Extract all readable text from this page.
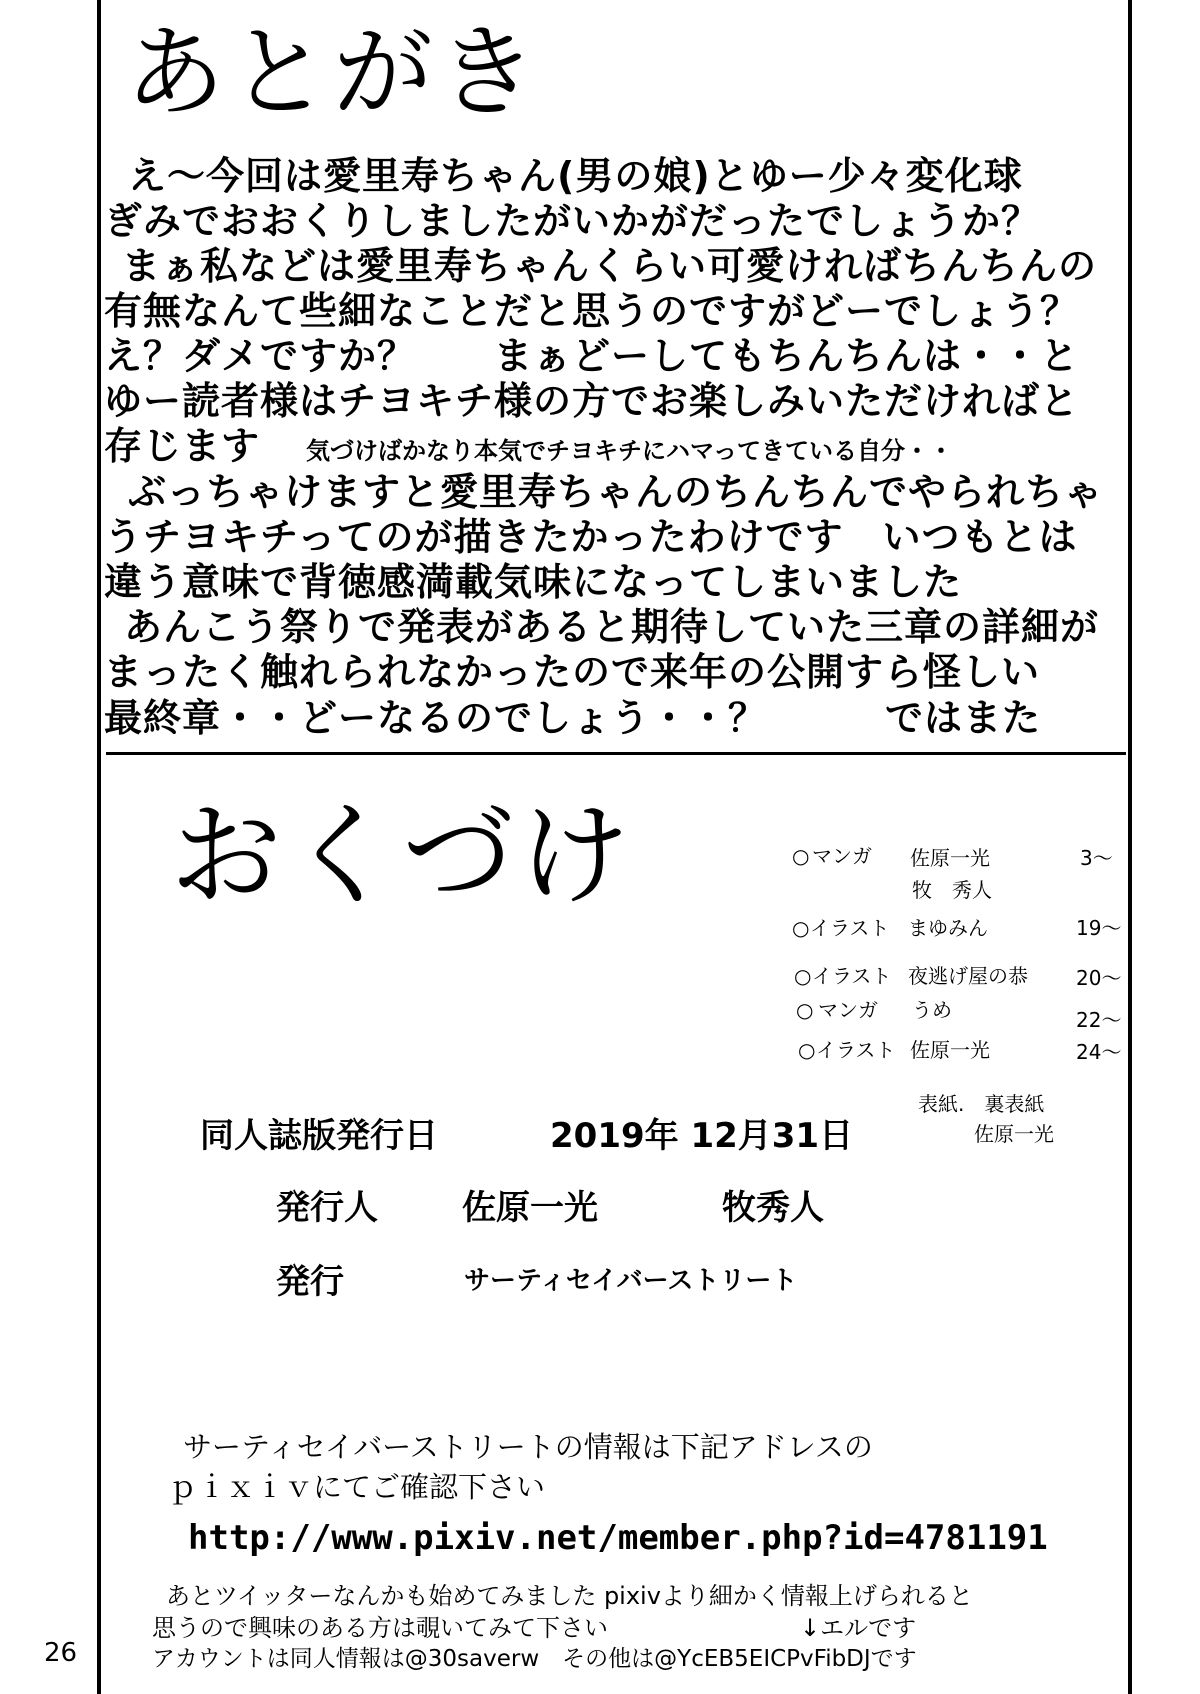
あとがき
え～今回は愛里寿ちゃん(男の娘)とゆー少々変化球
ぎみでおおくりしましたがいかがだったでしょうか？
まぁ私などは愛里寿ちゃんくらい可愛ければちんちんの
有無なんて些細なことだと思うのですがどーでしょう？
え？ダメですか？　　まぁどーしてもちんちんは・・と
ゆー読者様はチヨキチ様の方でお楽しみいただければと
存じます 気づけばかなり本気でチヨキチにハマってきている自分・・
ぶっちゃけますと愛里寿ちゃんのちんちんでやられちゃ
うチヨキチってのが描きたかったわけです　いつもとは
違う意味で背徳感満載気味になってしまいました
あんこう祭りで発表があると期待していた三章の詳細が
まったく触れられなかったので来年の公開すら怪しい
最終章・・どーなるのでしょう・・？	ではまた
おくづけ	○ マンガ 佐原一光	3～
牧　秀人
○ イラスト まゆみん	19～
○ イラスト 夜逃げ屋の恭 20～
○ マンガ うめ	22～
○ イラスト 佐原一光	24～
表紙.　裏表紙
佐原一光
同人誌版発行日	2019年 12月31日
発行人 佐原一光	牧秀人
発行	サーティセイバーストリート
サーティセイバーストリートの情報は下記アドレスの
ｐｉｘｉｖにてご確認下さい
http://www.pixiv.net/member.php?id=4781191
あとツイッターなんかも始めてみました pixivより細かく情報上げられると
思うので興味のある方は覗いてみて下さい	↓エルです
アカウントは同人情報は@30saverw　その他は@YcEB5EICPvFibDJです
26
